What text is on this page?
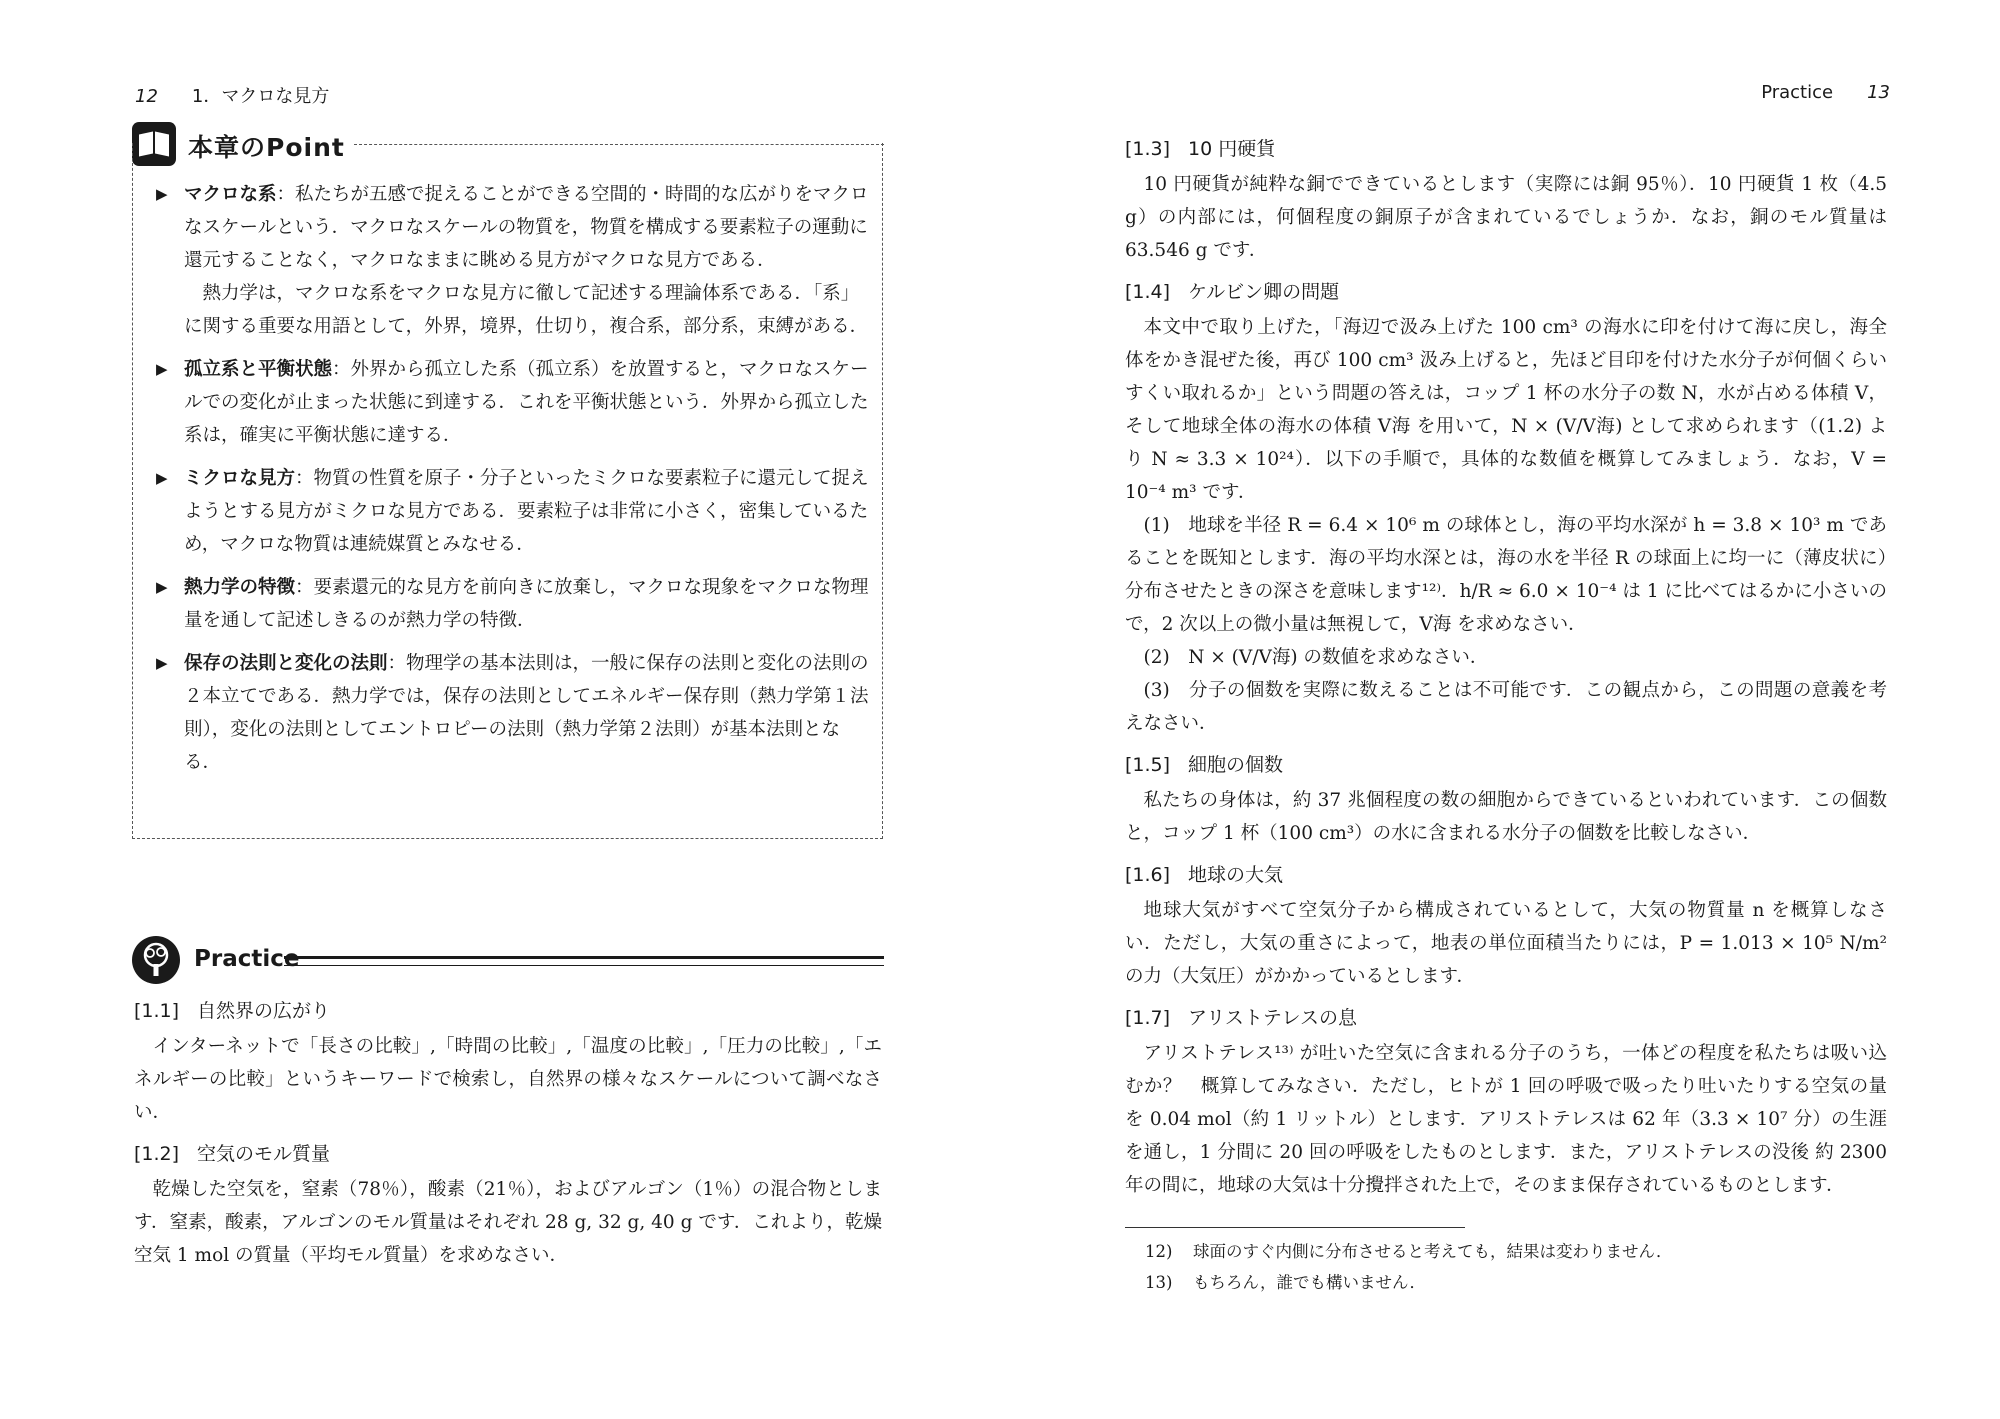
12 1．マクロな見方
本章のPoint
▶ マクロな系：私たちが五感で捉えることができる空間的・時間的な広がりをマクロなスケールという．マクロなスケールの物質を，物質を構成する要素粒子の運動に還元することなく，マクロなままに眺める見方がマクロな見方である．
熱力学は，マクロな系をマクロな見方に徹して記述する理論体系である．「系」に関する重要な用語として，外界，境界，仕切り，複合系，部分系，束縛がある．
▶ 孤立系と平衡状態：外界から孤立した系（孤立系）を放置すると，マクロなスケールでの変化が止まった状態に到達する．これを平衡状態という．外界から孤立した系は，確実に平衡状態に達する．
▶ ミクロな見方：物質の性質を原子・分子といったミクロな要素粒子に還元して捉えようとする見方がミクロな見方である．要素粒子は非常に小さく，密集しているため，マクロな物質は連続媒質とみなせる．
▶ 熱力学の特徴：要素還元的な見方を前向きに放棄し，マクロな現象をマクロな物理量を通して記述しきるのが熱力学の特徴．
▶ 保存の法則と変化の法則：物理学の基本法則は，一般に保存の法則と変化の法則の２本立てである．熱力学では，保存の法則としてエネルギー保存則（熱力学第１法則），変化の法則としてエントロピーの法則（熱力学第２法則）が基本法則となる．
Practice
[1.1] 自然界の広がり

インターネットで「長さの比較」,「時間の比較」,「温度の比較」,「圧力の比較」,「エネルギーの比較」というキーワードで検索し，自然界の様々なスケールについて調べなさい．

[1.2] 空気のモル質量

乾燥した空気を，窒素（78％），酸素（21％），およびアルゴン（1％）の混合物とします．窒素，酸素，アルゴンのモル質量はそれぞれ 28 g, 32 g, 40 g です．これより，乾燥空気 1 mol の質量（平均モル質量）を求めなさい．

Practice 13
[1.3] 10 円硬貨

10 円硬貨が純粋な銅でできているとします（実際には銅 95％）．10 円硬貨 1 枚（4.5 g）の内部には，何個程度の銅原子が含まれているでしょうか．なお，銅のモル質量は 63.546 g です．

[1.4] ケルビン卿の問題

本文中で取り上げた，「海辺で汲み上げた 100 cm³ の海水に印を付けて海に戻し，海全体をかき混ぜた後，再び 100 cm³ 汲み上げると，先ほど目印を付けた水分子が何個くらいすくい取れるか」という問題の答えは，コップ 1 杯の水分子の数 N，水が占める体積 V，そして地球全体の海水の体積 V海 を用いて，N × (V/V海) として求められます（(1.2) より N ≈ 3.3 × 10²⁴）．以下の手順で，具体的な数値を概算してみましょう．なお，V = 10⁻⁴ m³ です．

(1)　地球を半径 R = 6.4 × 10⁶ m の球体とし，海の平均水深が h = 3.8 × 10³ m であることを既知とします．海の平均水深とは，海の水を半径 R の球面上に均一に（薄皮状に）分布させたときの深さを意味します¹²⁾．h/R ≈ 6.0 × 10⁻⁴ は 1 に比べてはるかに小さいので，2 次以上の微小量は無視して，V海 を求めなさい．

(2)　N × (V/V海) の数値を求めなさい．

(3)　分子の個数を実際に数えることは不可能です．この観点から，この問題の意義を考えなさい．

[1.5] 細胞の個数

私たちの身体は，約 37 兆個程度の数の細胞からできているといわれています．この個数と，コップ 1 杯（100 cm³）の水に含まれる水分子の個数を比較しなさい．

[1.6] 地球の大気

地球大気がすべて空気分子から構成されているとして，大気の物質量 n を概算しなさい．ただし，大気の重さによって，地表の単位面積当たりには，P = 1.013 × 10⁵ N/m² の力（大気圧）がかかっているとします．

[1.7] アリストテレスの息

アリストテレス¹³⁾ が吐いた空気に含まれる分子のうち，一体どの程度を私たちは吸い込むか？　概算してみなさい．ただし，ヒトが 1 回の呼吸で吸ったり吐いたりする空気の量を 0.04 mol（約 1 リットル）とします．アリストテレスは 62 年（3.3 × 10⁷ 分）の生涯を通し，1 分間に 20 回の呼吸をしたものとします．また，アリストテレスの没後 約 2300 年の間に，地球の大気は十分攪拌された上で，そのまま保存されているものとします．

12) 球面のすぐ内側に分布させると考えても，結果は変わりません．
13) もちろん，誰でも構いません．
